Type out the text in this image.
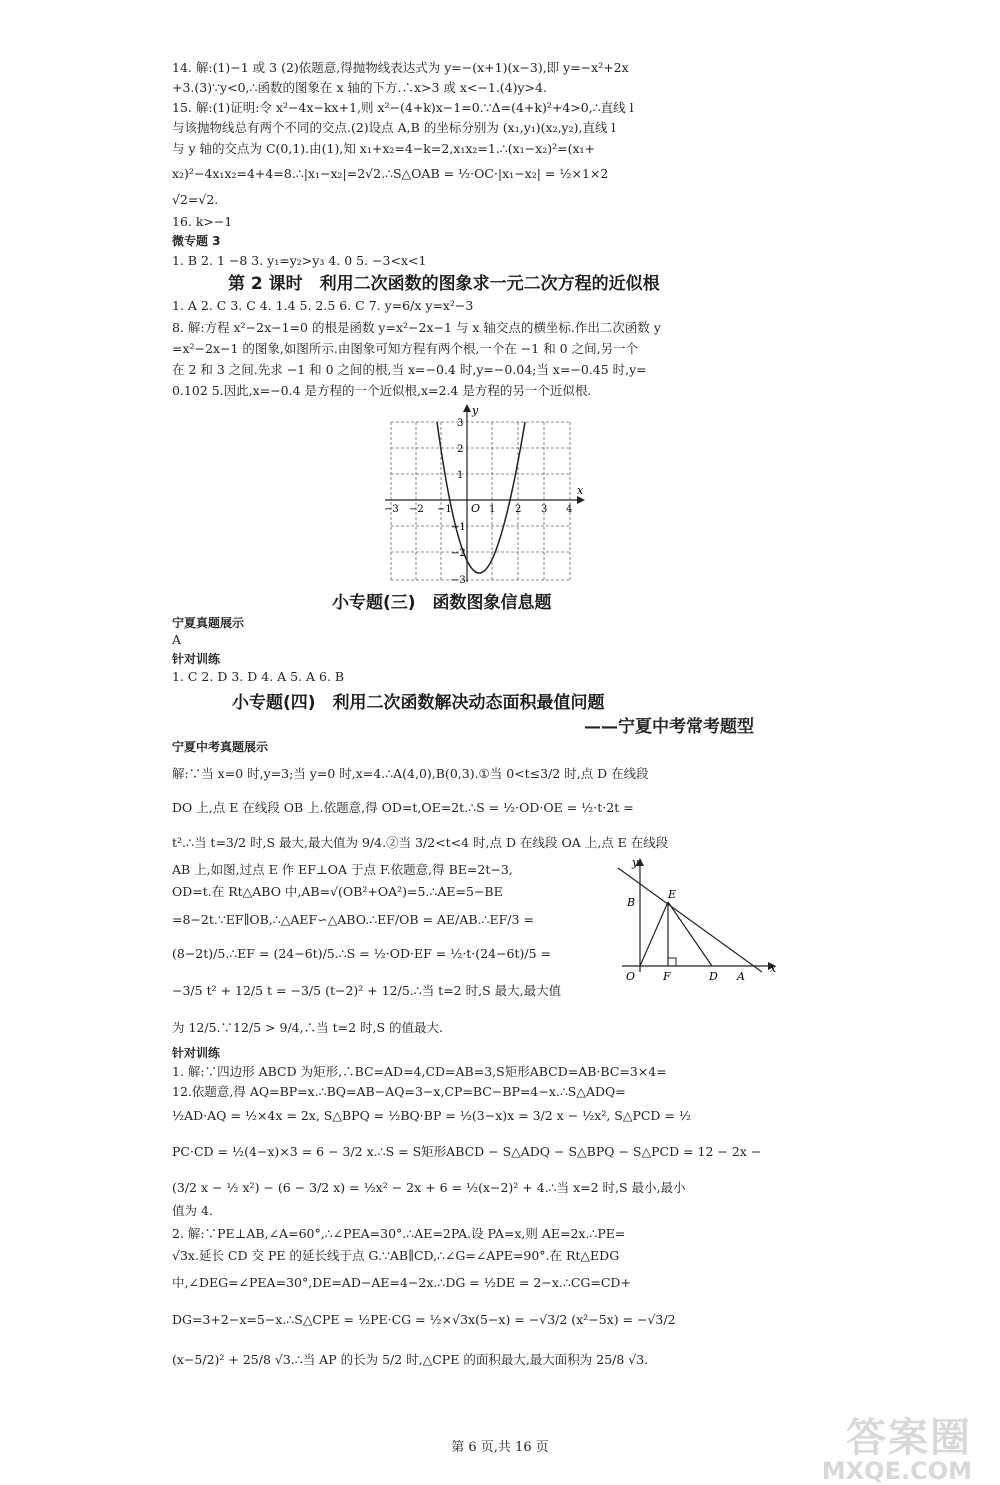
14. 解:(1)−1 或 3 (2)依题意,得抛物线表达式为 y=−(x+1)(x−3),即 y=−x²+2x
+3.(3)∵y<0,∴函数的图象在 x 轴的下方.∴x>3 或 x<−1.(4)y>4.
15. 解:(1)证明:令 x²−4x−kx+1,则 x²−(4+k)x−1=0.∵Δ=(4+k)²+4>0,∴直线 l
与该抛物线总有两个不同的交点.(2)设点 A,B 的坐标分别为 (x₁,y₁)(x₂,y₂),直线 l
与 y 轴的交点为 C(0,1).由(1),知 x₁+x₂=4−k=2,x₁x₂=1.∴(x₁−x₂)²=(x₁+
x₂)²−4x₁x₂=4+4=8.∴|x₁−x₂|=2√2.∴S△OAB = ½·OC·|x₁−x₂| = ½×1×2
√2=√2.
16. k>−1
微专题 3
1. B 2. 1 −8 3. y₁=y₂>y₃ 4. 0 5. −3<x<1
第 2 课时　利用二次函数的图象求一元二次方程的近似根
1. A 2. C 3. C 4. 1.4 5. 2.5 6. C 7. y=6/x y=x²−3
8. 解:方程 x²−2x−1=0 的根是函数 y=x²−2x−1 与 x 轴交点的横坐标.作出二次函数 y
=x²−2x−1 的图象,如图所示.由图象可知方程有两个根,一个在 −1 和 0 之间,另一个
在 2 和 3 之间.先求 −1 和 0 之间的根,当 x=−0.4 时,y=−0.04;当 x=−0.45 时,y=
0.102 5.因此,x=−0.4 是方程的一个近似根,x=2.4 是方程的另一个近似根.
y
x
O
−3 −2 −1	1 2 3 4
3
2
1
−1
−2
−3
小专题(三)　函数图象信息题
宁夏真题展示
A
针对训练
1. C 2. D 3. D 4. A 5. A 6. B
小专题(四)　利用二次函数解决动态面积最值问题
——宁夏中考常考题型
宁夏中考真题展示
解:∵当 x=0 时,y=3;当 y=0 时,x=4.∴A(4,0),B(0,3).①当 0<t≤3/2 时,点 D 在线段
DO 上,点 E 在线段 OB 上.依题意,得 OD=t,OE=2t.∴S = ½·OD·OE = ½·t·2t =
t².∴当 t=3/2 时,S 最大,最大值为 9/4.②当 3/2<t<4 时,点 D 在线段 OA 上,点 E 在线段
AB 上,如图,过点 E 作 EF⊥OA 于点 F.依题意,得 BE=2t−3,
OD=t.在 Rt△ABO 中,AB=√(OB²+OA²)=5.∴AE=5−BE
=8−2t.∵EF∥OB,∴△AEF∽△ABO.∴EF/OB = AE/AB.∴EF/3 =
(8−2t)/5.∴EF = (24−6t)/5.∴S = ½·OD·EF = ½·t·(24−6t)/5 =
−3/5 t² + 12/5 t = −3/5 (t−2)² + 12/5.∴当 t=2 时,S 最大,最大值
y
x
B
E
O	F	D A
为 12/5.∵12/5 > 9/4,∴当 t=2 时,S 的值最大.
针对训练
1. 解:∵四边形 ABCD 为矩形,∴BC=AD=4,CD=AB=3,S矩形ABCD=AB·BC=3×4=
12.依题意,得 AQ=BP=x.∴BQ=AB−AQ=3−x,CP=BC−BP=4−x.∴S△ADQ=
½AD·AQ = ½×4x = 2x, S△BPQ = ½BQ·BP = ½(3−x)x = 3/2 x − ½x², S△PCD = ½
PC·CD = ½(4−x)×3 = 6 − 3/2 x.∴S = S矩形ABCD − S△ADQ − S△BPQ − S△PCD = 12 − 2x −
(3/2 x − ½ x²) − (6 − 3/2 x) = ½x² − 2x + 6 = ½(x−2)² + 4.∴当 x=2 时,S 最小,最小
值为 4.
2. 解:∵PE⊥AB,∠A=60°,∴∠PEA=30°.∴AE=2PA.设 PA=x,则 AE=2x.∴PE=
√3x.延长 CD 交 PE 的延长线于点 G.∵AB∥CD,∴∠G=∠APE=90°.在 Rt△EDG
中,∠DEG=∠PEA=30°,DE=AD−AE=4−2x.∴DG = ½DE = 2−x.∴CG=CD+
DG=3+2−x=5−x.∴S△CPE = ½PE·CG = ½×√3x(5−x) = −√3/2 (x²−5x) = −√3/2
(x−5/2)² + 25/8 √3.∴当 AP 的长为 5/2 时,△CPE 的面积最大,最大面积为 25/8 √3.
第 6 页,共 16 页	答案圈
MXQE.COM
